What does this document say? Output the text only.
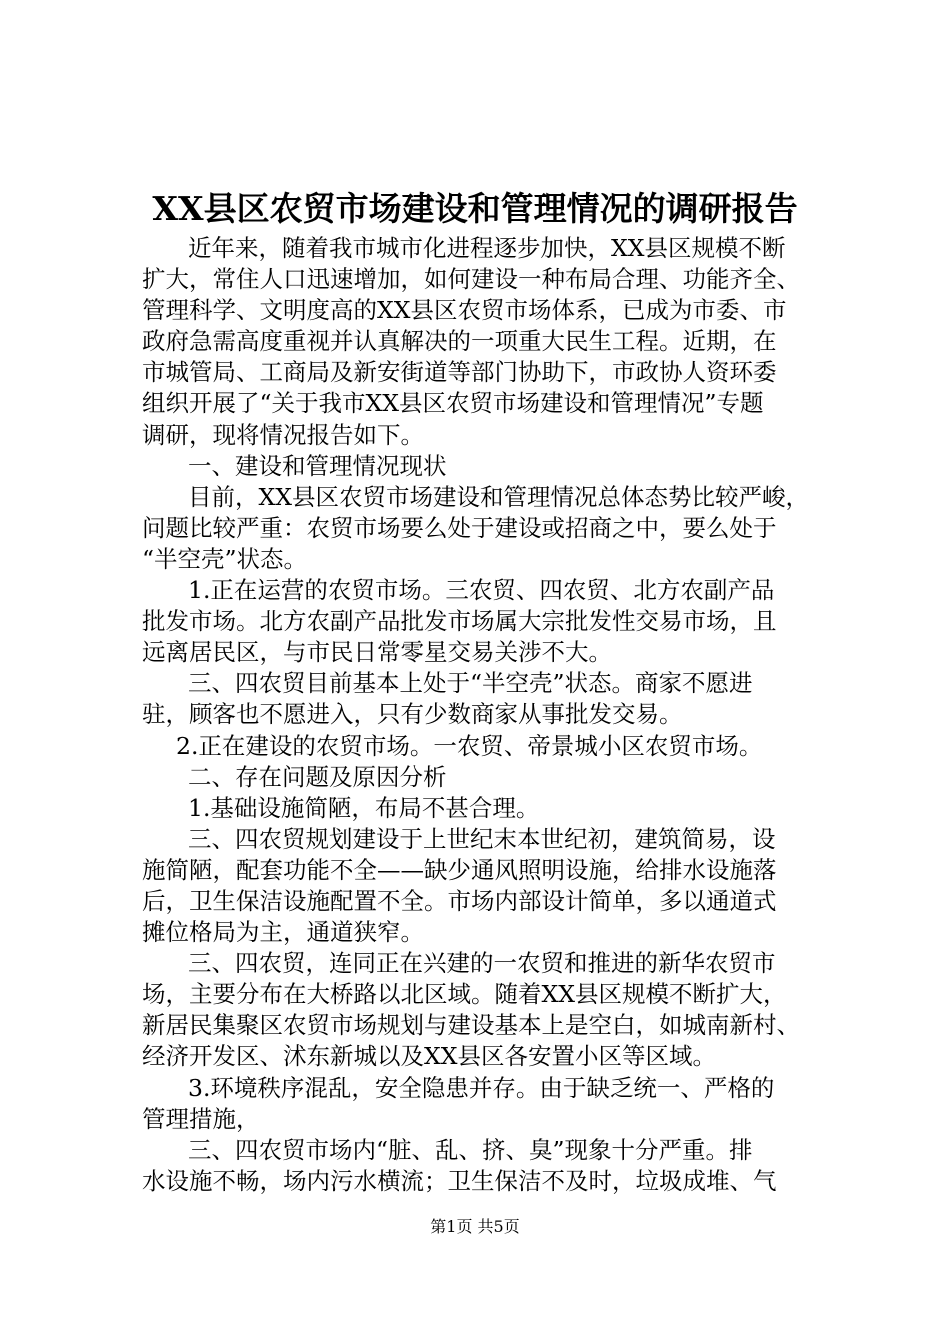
XX县区农贸市场建设和管理情况的调研报告
近年来，随着我市城市化进程逐步加快，XX县区规模不断
扩大，常住人口迅速增加，如何建设一种布局合理、功能齐全、
管理科学、文明度高的XX县区农贸市场体系，已成为市委、市
政府急需高度重视并认真解决的一项重大民生工程。近期，在
市城管局、工商局及新安街道等部门协助下，市政协人资环委
组织开展了“关于我市XX县区农贸市场建设和管理情况”专题
调研，现将情况报告如下。
一、建设和管理情况现状
目前，XX县区农贸市场建设和管理情况总体态势比较严峻，
问题比较严重：农贸市场要么处于建设或招商之中，要么处于
“半空壳”状态。
1.正在运营的农贸市场。三农贸、四农贸、北方农副产品
批发市场。北方农副产品批发市场属大宗批发性交易市场，且
远离居民区，与市民日常零星交易关涉不大。
三、四农贸目前基本上处于“半空壳”状态。商家不愿进
驻，顾客也不愿进入，只有少数商家从事批发交易。
2.正在建设的农贸市场。一农贸、帝景城小区农贸市场。
二、存在问题及原因分析
1.基础设施简陋，布局不甚合理。
三、四农贸规划建设于上世纪末本世纪初，建筑简易，设
施简陋，配套功能不全——缺少通风照明设施，给排水设施落
后，卫生保洁设施配置不全。市场内部设计简单，多以通道式
摊位格局为主，通道狭窄。
三、四农贸，连同正在兴建的一农贸和推进的新华农贸市
场，主要分布在大桥路以北区域。随着XX县区规模不断扩大，
新居民集聚区农贸市场规划与建设基本上是空白，如城南新村、
经济开发区、沭东新城以及XX县区各安置小区等区域。
3.环境秩序混乱，安全隐患并存。由于缺乏统一、严格的
管理措施，
三、四农贸市场内“脏、乱、挤、臭”现象十分严重。排
水设施不畅，场内污水横流；卫生保洁不及时，垃圾成堆、气
第1页 共5页
